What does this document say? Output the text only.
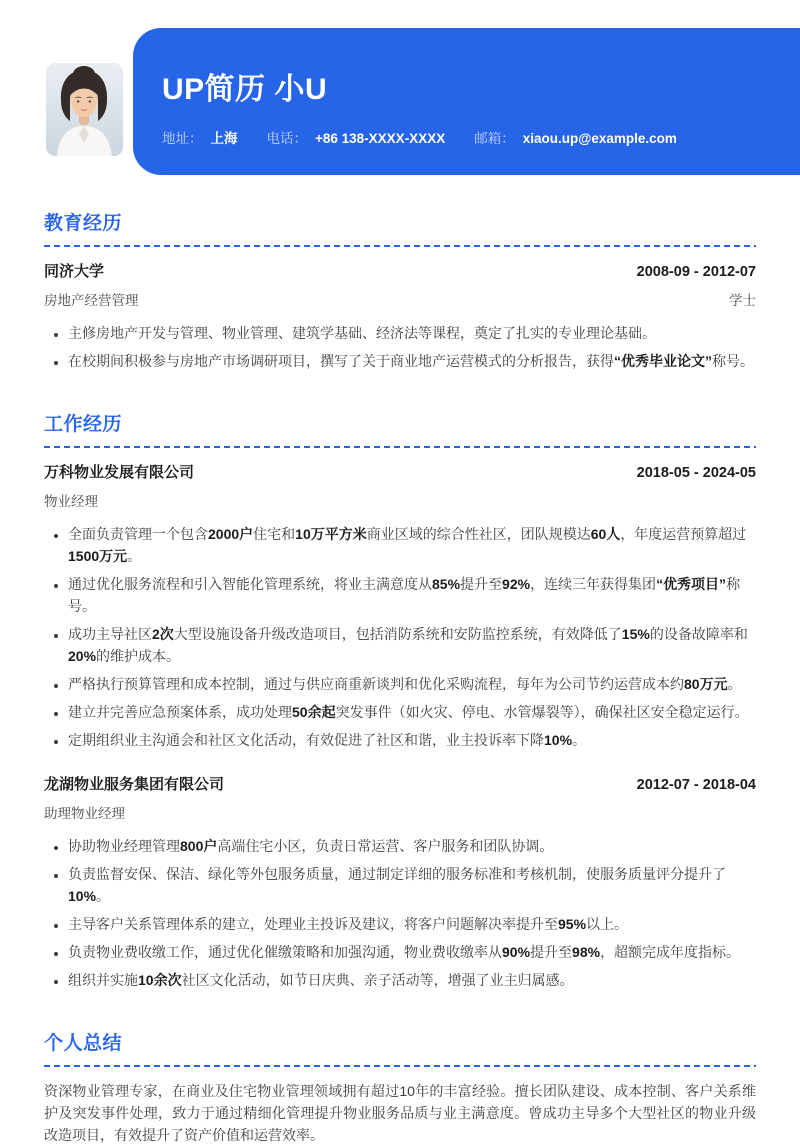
UP简历 小U
地址： 上海 电话： +86 138-XXXX-XXXX 邮箱： xiaou.up@example.com
教育经历
同济大学	2008-09 - 2012-07
房地产经营管理	学士
• 主修房地产开发与管理、物业管理、建筑学基础、经济法等课程，奠定了扎实的专业理论基础。
• 在校期间积极参与房地产市场调研项目，撰写了关于商业地产运营模式的分析报告，获得“优秀毕业论文”称号。
工作经历
万科物业发展有限公司	2018-05 - 2024-05
物业经理
• 全面负责管理一个包含2000户住宅和10万平方米商业区域的综合性社区，团队规模达60人，年度运营预算超过1500万元。
• 通过优化服务流程和引入智能化管理系统，将业主满意度从85%提升至92%，连续三年获得集团“优秀项目”称号。
• 成功主导社区2次大型设施设备升级改造项目，包括消防系统和安防监控系统，有效降低了15%的设备故障率和20%的维护成本。
• 严格执行预算管理和成本控制，通过与供应商重新谈判和优化采购流程，每年为公司节约运营成本约80万元。
• 建立并完善应急预案体系，成功处理50余起突发事件（如火灾、停电、水管爆裂等），确保社区安全稳定运行。
• 定期组织业主沟通会和社区文化活动，有效促进了社区和谐，业主投诉率下降10%。
龙湖物业服务集团有限公司	2012-07 - 2018-04
助理物业经理
• 协助物业经理管理800户高端住宅小区，负责日常运营、客户服务和团队协调。
• 负责监督安保、保洁、绿化等外包服务质量，通过制定详细的服务标准和考核机制，使服务质量评分提升了10%。
• 主导客户关系管理体系的建立，处理业主投诉及建议，将客户问题解决率提升至95%以上。
• 负责物业费收缴工作，通过优化催缴策略和加强沟通，物业费收缴率从90%提升至98%，超额完成年度指标。
• 组织并实施10余次社区文化活动，如节日庆典、亲子活动等，增强了业主归属感。
个人总结

资深物业管理专家，在商业及住宅物业管理领域拥有超过10年的丰富经验。擅长团队建设、成本控制、客户关系维护及突发事件处理，致力于通过精细化管理提升物业服务品质与业主满意度。曾成功主导多个大型社区的物业升级改造项目，有效提升了资产价值和运营效率。
